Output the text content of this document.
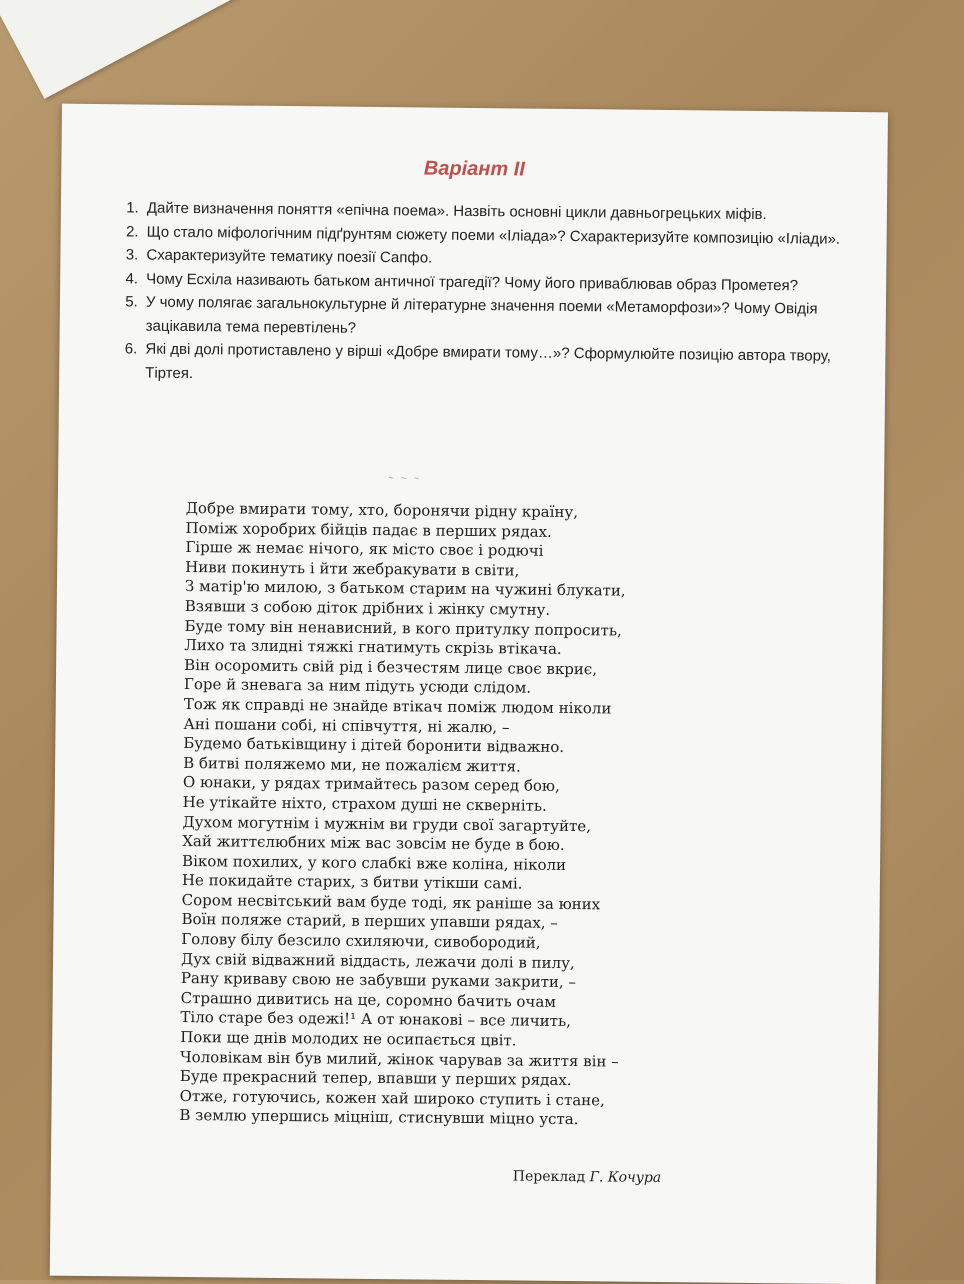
Варіант ІІ
1. Дайте визначення поняття «епічна поема». Назвіть основні цикли давньогрецьких міфів.
2. Що стало міфологічним підґрунтям сюжету поеми «Іліада»? Схарактеризуйте композицію «Іліади».
3. Схарактеризуйте тематику поезії Сапфо.
4. Чому Есхіла називають батьком античної трагедії? Чому його приваблював образ Прометея?
5. У чому полягає загальнокультурне й літературне значення поеми «Метаморфози»? Чому Овідія зацікавила тема перевтілень?
6. Які дві долі протиставлено у вірші «Добре вмирати тому…»? Сформулюйте позицію автора твору, Тіртея.
~ ~ ~
Добре вмирати тому, хто, боронячи рідну країну,
Поміж хоробрих бійців падає в перших рядах.
Гірше ж немає нічого, як місто своє і родючі
Ниви покинуть і йти жебракувати в світи,
З матір'ю милою, з батьком старим на чужині блукати,
Взявши з собою діток дрібних і жінку смутну.
Буде тому він ненависний, в кого притулку попросить,
Лихо та злидні тяжкі гнатимуть скрізь втікача.
Він осоромить свій рід і безчестям лице своє вкриє,
Горе й зневага за ним підуть усюди слідом.
Тож як справді не знайде втікач поміж людом ніколи
Ані пошани собі, ні співчуття, ні жалю, –
Будемо батьківщину і дітей боронити відважно.
В битві поляжемо ми, не пожалієм життя.
О юнаки, у рядах тримайтесь разом серед бою,
Не утікайте ніхто, страхом душі не скверніть.
Духом могутнім і мужнім ви груди свої загартуйте,
Хай життєлюбних між вас зовсім не буде в бою.
Віком похилих, у кого слабкі вже коліна, ніколи
Не покидайте старих, з битви утікши самі.
Сором несвітський вам буде тоді, як раніше за юних
Воїн поляже старий, в перших упавши рядах, –
Голову білу безсило схиляючи, сивобородий,
Дух свій відважний віддасть, лежачи долі в пилу,
Рану криваву свою не забувши руками закрити, –
Страшно дивитись на це, соромно бачить очам
Тіло старе без одежі!¹ А от юнакові – все личить,
Поки ще днів молодих не осипається цвіт.
Чоловікам він був милий, жінок чарував за життя він –
Буде прекрасний тепер, впавши у перших рядах.
Отже, готуючись, кожен хай широко ступить і стане,
В землю упершись міцніш, стиснувши міцно уста.
Переклад Г. Кочура
